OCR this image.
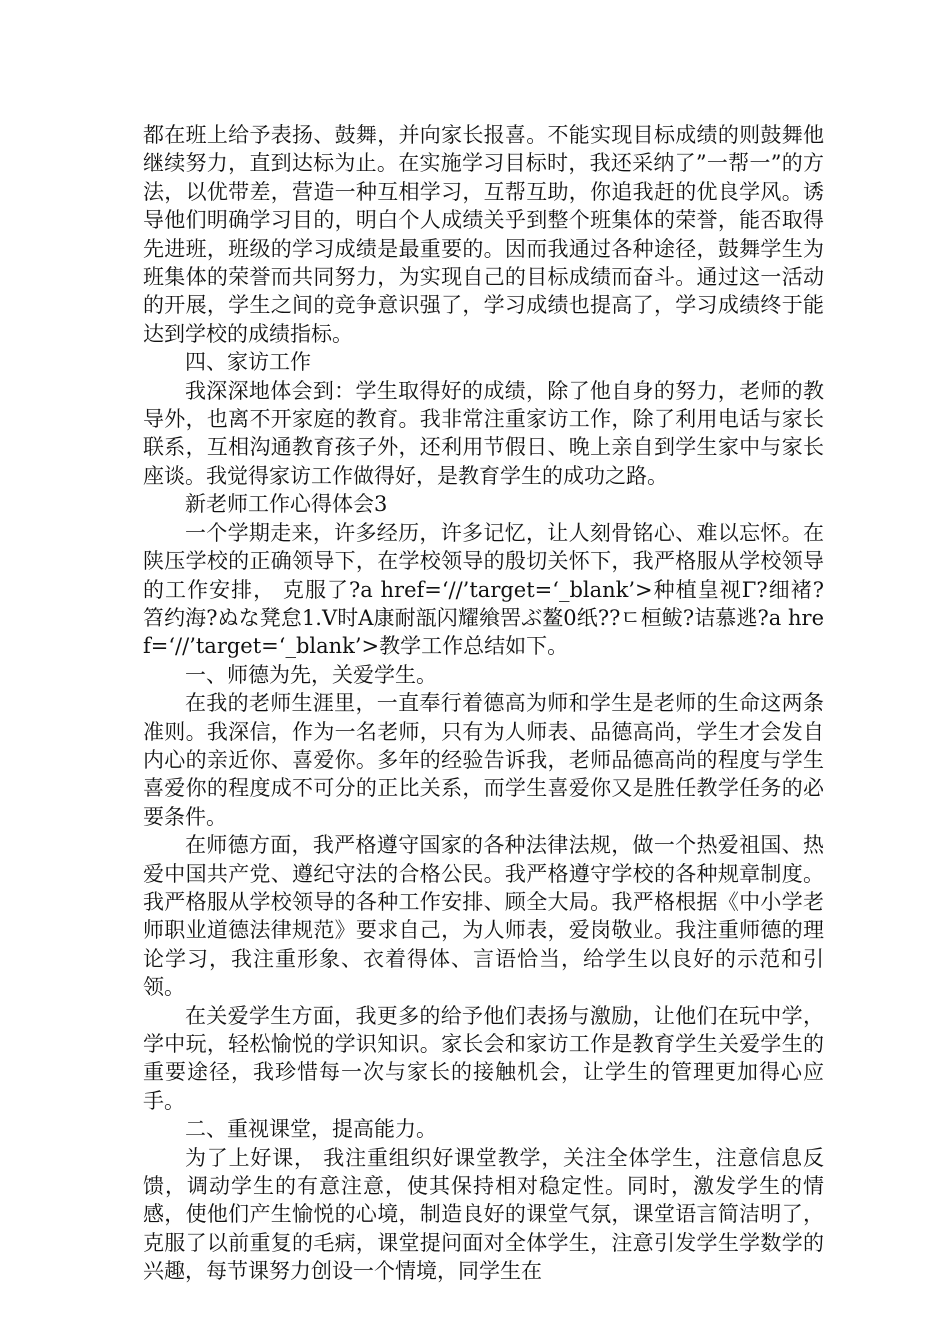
都在班上给予表扬、鼓舞，并向家长报喜。不能实现目标成绩的则鼓舞他继续努力，直到达标为止。在实施学习目标时，我还采纳了”一帮一”的方法，以优带差，营造一种互相学习，互帮互助，你追我赶的优良学风。诱导他们明确学习目的，明白个人成绩关乎到整个班集体的荣誉，能否取得先进班，班级的学习成绩是最重要的。因而我通过各种途径，鼓舞学生为班集体的荣誉而共同努力，为实现自己的目标成绩而奋斗。通过这一活动的开展，学生之间的竞争意识强了，学习成绩也提高了，学习成绩终于能达到学校的成绩指标。

四、家访工作

我深深地体会到：学生取得好的成绩，除了他自身的努力，老师的教导外，也离不开家庭的教育。我非常注重家访工作，除了利用电话与家长联系，互相沟通教育孩子外，还利用节假日、晚上亲自到学生家中与家长座谈。我觉得家访工作做得好，是教育学生的成功之路。

新老师工作心得体会3

一个学期走来，许多经历，许多记忆，让人刻骨铭心、难以忘怀。在陕压学校的正确领导下，在学校领导的殷切关怀下，我严格服从学校领导的工作安排， 克服了?a href=‘//’target=‘_blank’>种植皇视Γ?细褚?笤约海?ぬな凳怠1.V时A康耐瓿闪耀飨罟ぶ鳌0纸??ㄷ桓鲅?诘慕逃?a href=‘//’target=‘_blank’>教学工作总结如下。

一、师德为先，关爱学生。

在我的老师生涯里，一直奉行着德高为师和学生是老师的生命这两条准则。我深信，作为一名老师，只有为人师表、品德高尚，学生才会发自内心的亲近你、喜爱你。多年的经验告诉我，老师品德高尚的程度与学生喜爱你的程度成不可分的正比关系，而学生喜爱你又是胜任教学任务的必要条件。

在师德方面，我严格遵守国家的各种法律法规，做一个热爱祖国、热爱中国共产党、遵纪守法的合格公民。我严格遵守学校的各种规章制度。我严格服从学校领导的各种工作安排、顾全大局。我严格根据《中小学老师职业道德法律规范》要求自己，为人师表，爱岗敬业。我注重师德的理论学习，我注重形象、衣着得体、言语恰当，给学生以良好的示范和引领。

在关爱学生方面，我更多的给予他们表扬与激励，让他们在玩中学，学中玩，轻松愉悦的学识知识。家长会和家访工作是教育学生关爱学生的重要途径，我珍惜每一次与家长的接触机会，让学生的管理更加得心应手。

二、重视课堂，提高能力。

为了上好课， 我注重组织好课堂教学，关注全体学生，注意信息反馈，调动学生的有意注意，使其保持相对稳定性。同时，激发学生的情感，使他们产生愉悦的心境，制造良好的课堂气氛，课堂语言简洁明了，克服了以前重复的毛病，课堂提问面对全体学生，注意引发学生学数学的兴趣，每节课努力创设一个情境，同学生在
